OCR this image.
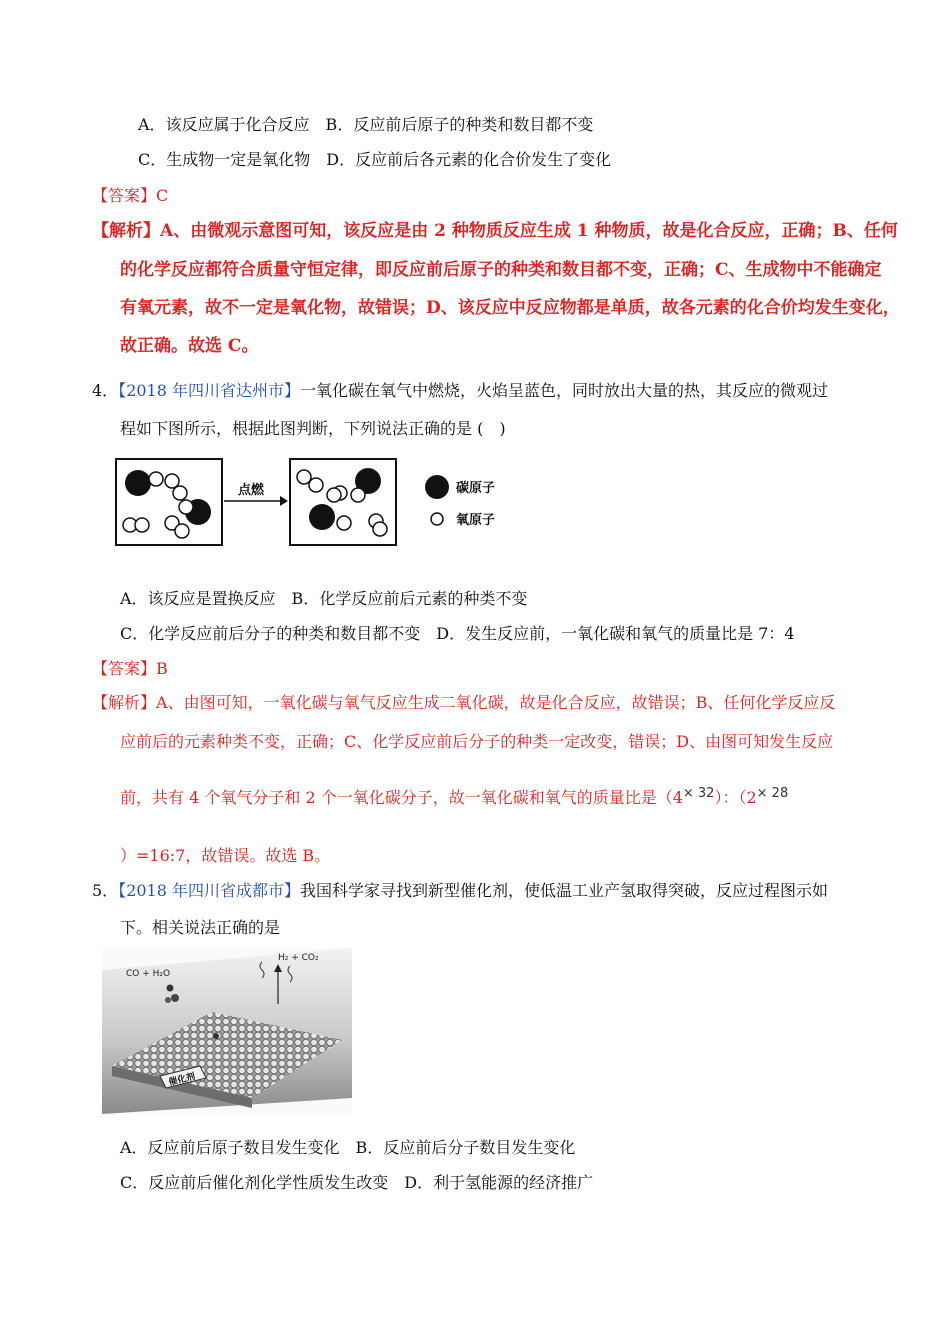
A．该反应属于化合反应　B．反应前后原子的种类和数目都不变
C．生成物一定是氧化物　D．反应前后各元素的化合价发生了变化
【答案】C
【解析】A、由微观示意图可知，该反应是由 2 种物质反应生成 1 种物质，故是化合反应，正确；B、任何
的化学反应都符合质量守恒定律，即反应前后原子的种类和数目都不变，正确；C、生成物中不能确定
有氧元素，故不一定是氧化物，故错误；D、该反应中反应物都是单质，故各元素的化合价均发生变化，
故正确。故选 C。
4．【2018 年四川省达州市】一氧化碳在氧气中燃烧，火焰呈蓝色，同时放出大量的热，其反应的微观过
程如下图所示，根据此图判断，下列说法正确的是 (　)
点燃	碳原子
氧原子
A．该反应是置换反应　B．化学反应前后元素的种类不变
C．化学反应前后分子的种类和数目都不变　D．发生反应前，一氧化碳和氧气的质量比是 7：4
【答案】B
【解析】A、由图可知，一氧化碳与氧气反应生成二氧化碳，故是化合反应，故错误；B、任何化学反应反
应前后的元素种类不变，正确；C、化学反应前后分子的种类一定改变，错误；D、由图可知发生反应
前，共有 4 个氧气分子和 2 个一氧化碳分子，故一氧化碳和氧气的质量比是$(4^{\times 32})$：（$2^{\times 28}$
）=16:7，故错误。故选 B。
5．【2018 年四川省成都市】我国科学家寻找到新型催化剂，使低温工业产氢取得突破，反应过程图示如
下。相关说法正确的是
催化剂
CO + H₂O
H₂ + CO₂
A．反应前后原子数目发生变化　B．反应前后分子数目发生变化
C．反应前后催化剂化学性质发生改变　D．利于氢能源的经济推广
